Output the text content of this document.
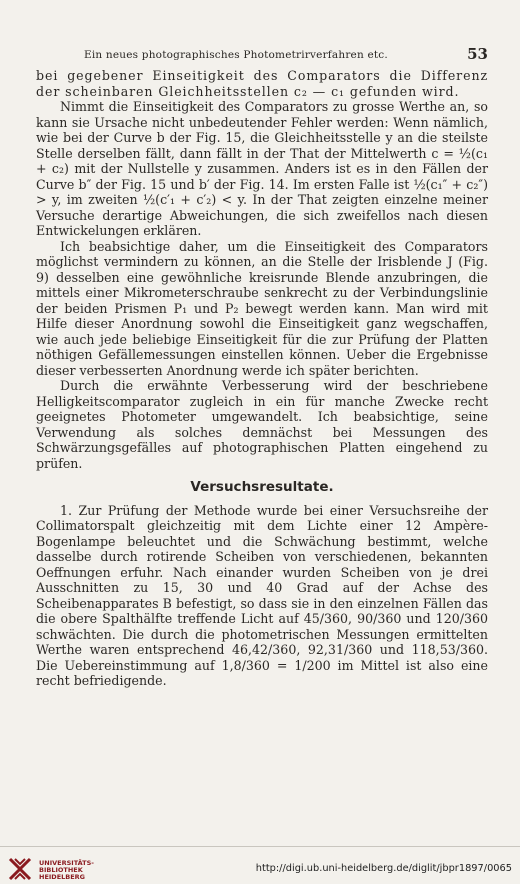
Ein neues photographisches Photometrirverfahren etc.	53

bei gegebener Einseitigkeit des Comparators die Differenz der scheinbaren Gleichheitsstellen c₂ — c₁ gefunden wird.

Nimmt die Einseitigkeit des Comparators zu grosse Werthe an, so kann sie Ursache nicht unbedeutender Fehler werden: Wenn nämlich, wie bei der Curve b der Fig. 15, die Gleichheitsstelle y an die steilste Stelle derselben fällt, dann fällt in der That der Mittelwerth c = ½(c₁ + c₂) mit der Nullstelle y zusammen. Anders ist es in den Fällen der Curve b″ der Fig. 15 und b′ der Fig. 14. Im ersten Falle ist ½(c₁″ + c₂″) > y, im zweiten ½(c′₁ + c′₂) < y. In der That zeigten einzelne meiner Versuche derartige Abweichungen, die sich zweifellos nach diesen Entwickelungen erklären.

Ich beabsichtige daher, um die Einseitigkeit des Comparators möglichst vermindern zu können, an die Stelle der Irisblende J (Fig. 9) desselben eine gewöhnliche kreisrunde Blende anzubringen, die mittels einer Mikrometerschraube senkrecht zu der Verbindungslinie der beiden Prismen P₁ und P₂ bewegt werden kann. Man wird mit Hilfe dieser Anordnung sowohl die Einseitigkeit ganz wegschaffen, wie auch jede beliebige Einseitigkeit für die zur Prüfung der Platten nöthigen Gefällemessungen einstellen können. Ueber die Ergebnisse dieser verbesserten Anordnung werde ich später berichten.

Durch die erwähnte Verbesserung wird der beschriebene Helligkeitscomparator zugleich in ein für manche Zwecke recht geeignetes Photometer umgewandelt. Ich beabsichtige, seine Verwendung als solches demnächst bei Messungen des Schwärzungsgefälles auf photographischen Platten eingehend zu prüfen.

Versuchsresultate.

1. Zur Prüfung der Methode wurde bei einer Versuchsreihe der Collimatorspalt gleichzeitig mit dem Lichte einer 12 Ampère-Bogenlampe beleuchtet und die Schwächung bestimmt, welche dasselbe durch rotirende Scheiben von verschiedenen, bekannten Oeffnungen erfuhr. Nach einander wurden Scheiben von je drei Ausschnitten zu 15, 30 und 40 Grad auf der Achse des Scheibenapparates B befestigt, so dass sie in den einzelnen Fällen das die obere Spalthälfte treffende Licht auf 45/360, 90/360 und 120/360 schwächten. Die durch die photometrischen Messungen ermittelten Werthe waren entsprechend 46,42/360, 92,31/360 und 118,53/360. Die Uebereinstimmung auf 1,8/360 = 1/200 im Mittel ist also eine recht befriedigende.

UNIVERSITÄTS-
BIBLIOTHEK
HEIDELBERG
http://digi.ub.uni-heidelberg.de/diglit/jbpr1897/0065
